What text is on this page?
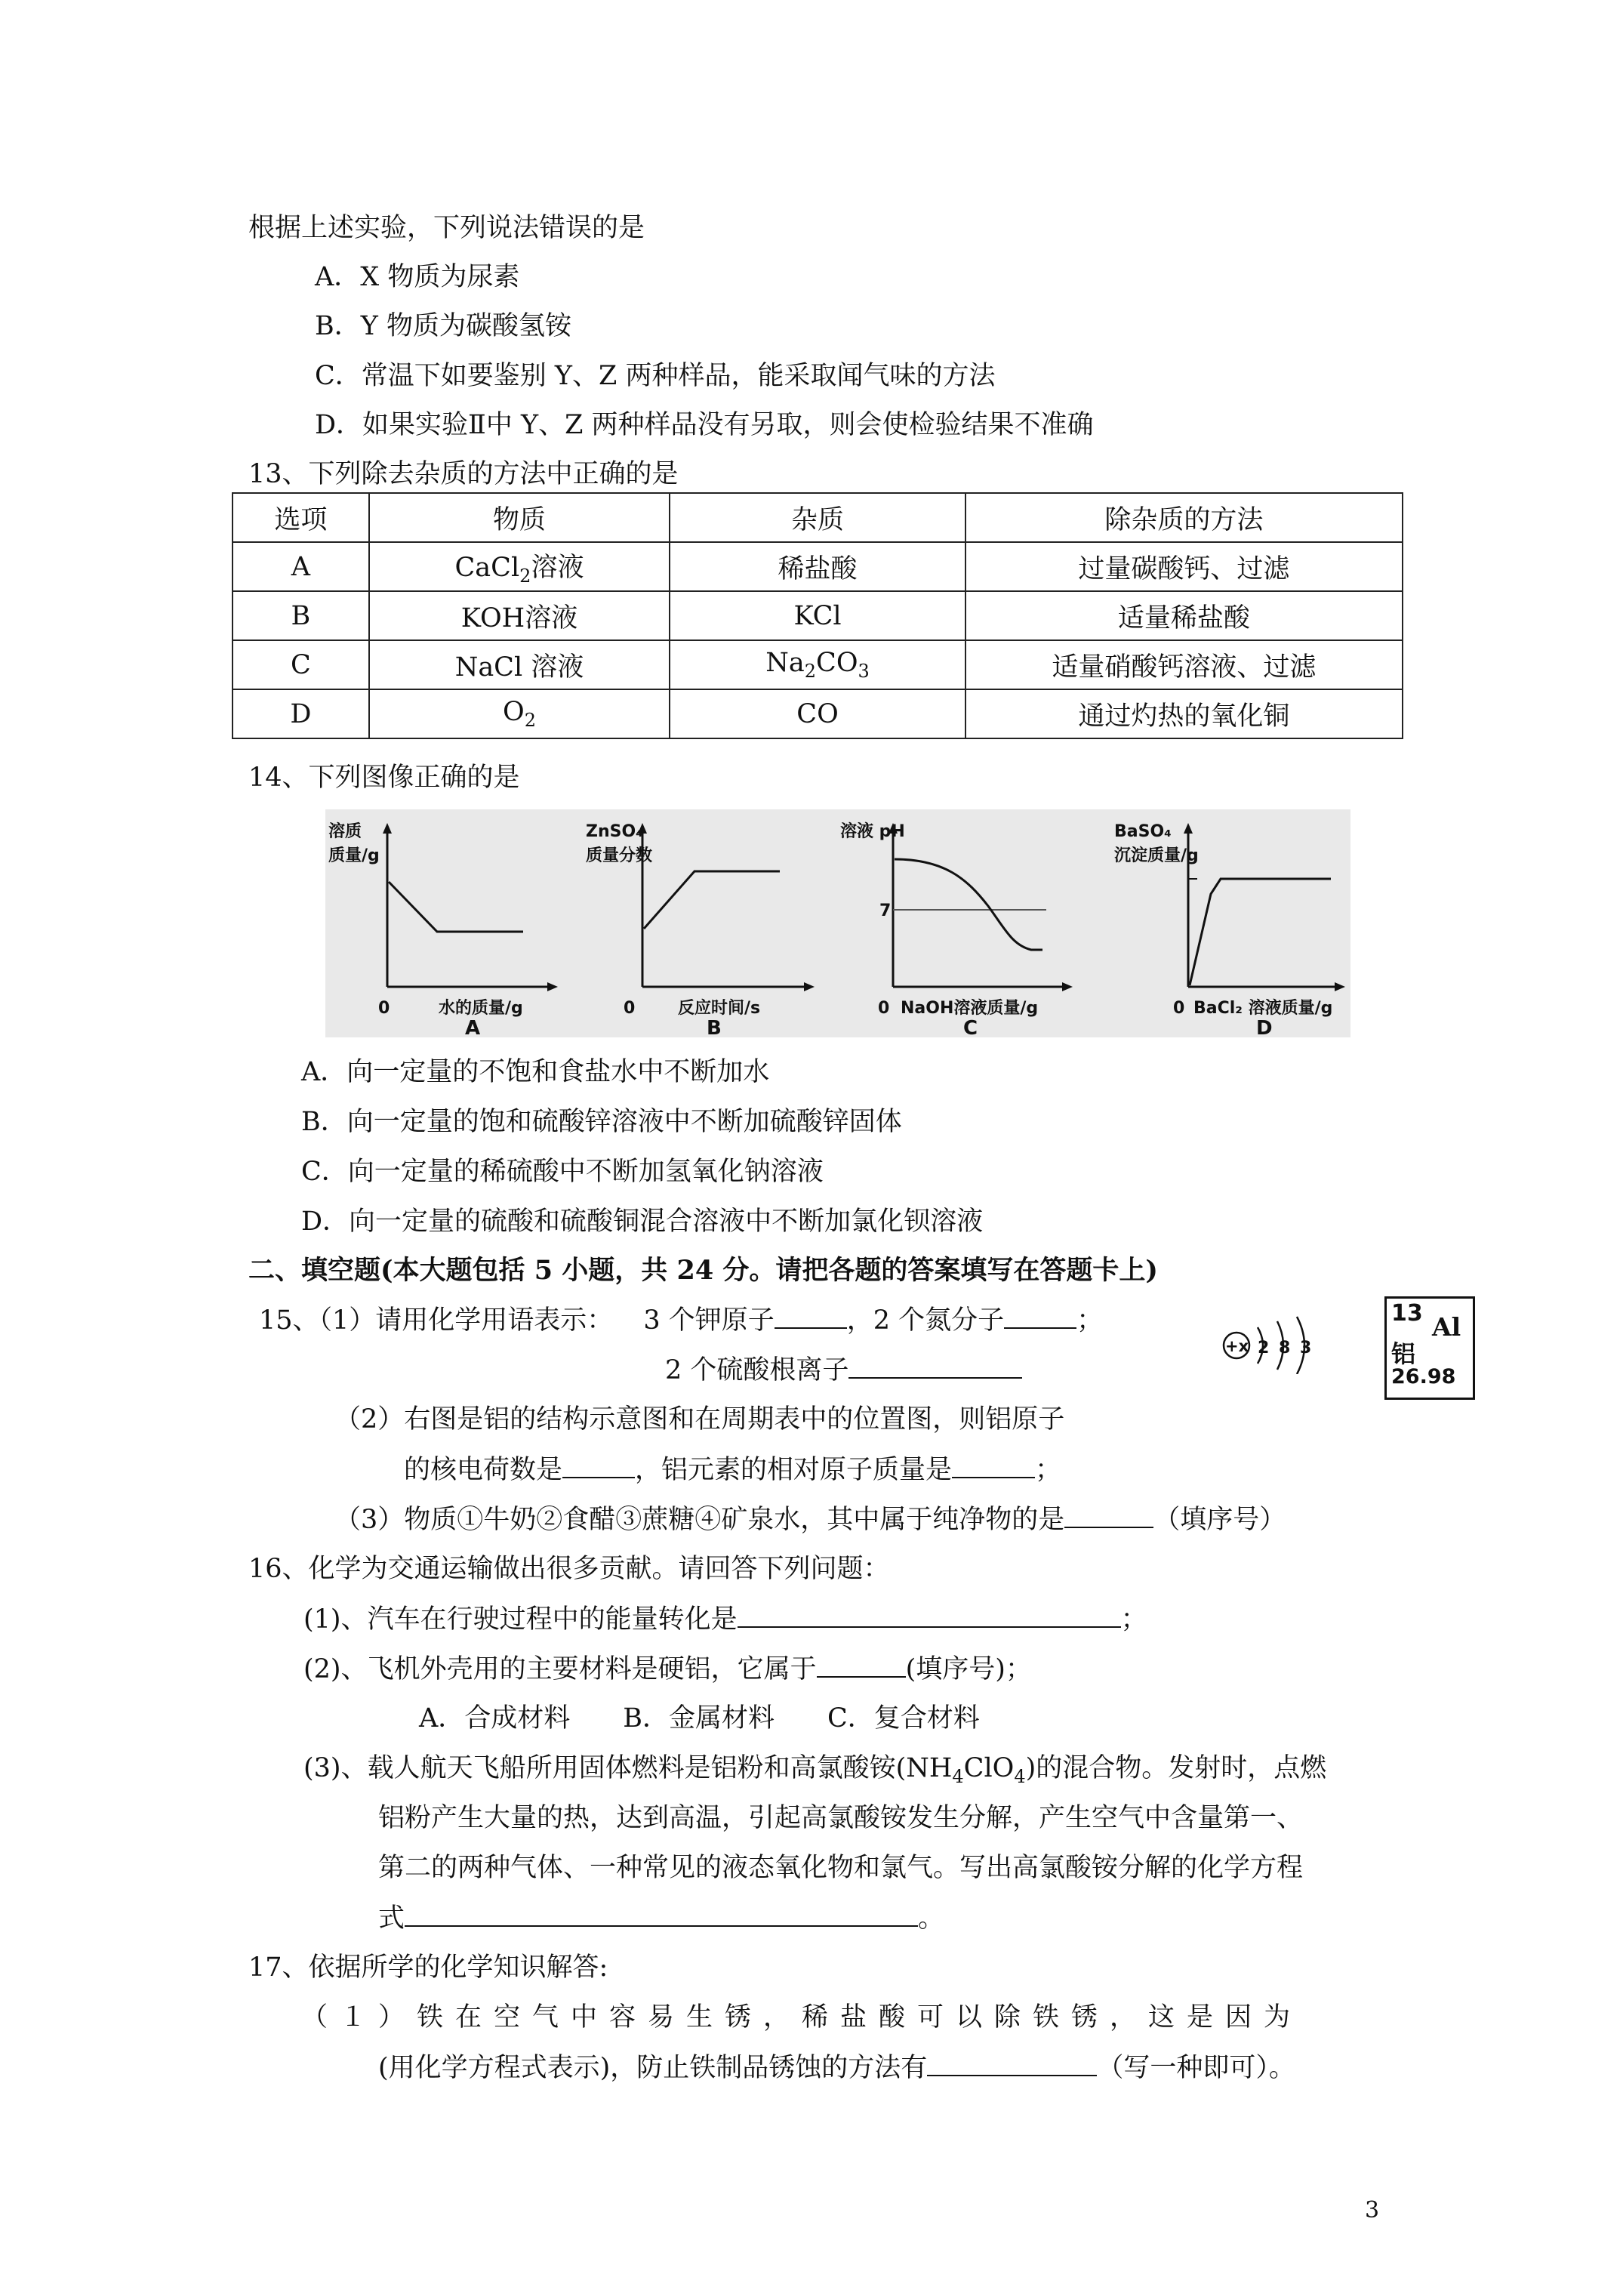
根据上述实验，下列说法错误的是
A．X 物质为尿素
B．Y 物质为碳酸氢铵
C．常温下如要鉴别 Y、Z 两种样品，能采取闻气味的方法
D．如果实验Ⅱ中 Y、Z 两种样品没有另取，则会使检验结果不准确
13、下列除去杂质的方法中正确的是
选项	物质	杂质	除杂质的方法
A	CaCl$_2$溶液	稀盐酸	过量碳酸钙、过滤
B	KOH溶液	KCl	适量稀盐酸
C	NaCl 溶液	$Na_2CO_3$	适量硝酸钙溶液、过滤
D	$O_2$	CO	通过灼热的氧化铜
14、下列图像正确的是
溶质
质量/g
0	水的质量/g
A
ZnSO₄
质量分数
0	反应时间/s
B
溶液 pH
7
0 NaOH溶液质量/g
C
BaSO₄
沉淀质量/g
0 BaCl₂ 溶液质量/g
D
A．向一定量的不饱和食盐水中不断加水
B．向一定量的饱和硫酸锌溶液中不断加硫酸锌固体
C．向一定量的稀硫酸中不断加氢氧化钠溶液
D．向一定量的硫酸和硫酸铜混合溶液中不断加氯化钡溶液
二、填空题(本大题包括 5 小题，共 24 分。请把各题的答案填写在答题卡上)
15、（1）请用化学用语表示： 3 个钾原子	，2 个氮分子	；
2 个硫酸根离子
（2）右图是铝的结构示意图和在周期表中的位置图，则铝原子
的核电荷数是	，铝元素的相对原子质量是	；
（3）物质①牛奶②食醋③蔗糖④矿泉水，其中属于纯净物的是	（填序号）
+x 2 8 3
13 Al
铝
26.98
16、化学为交通运输做出很多贡献。请回答下列问题：
(1)、汽车在行驶过程中的能量转化是	；
(2)、飞机外壳用的主要材料是硬铝，它属于	(填序号)；
A．合成材料　　B．金属材料　　C．复合材料
(3)、载人航天飞船所用固体燃料是铝粉和高氯酸铵$(NH_4ClO_4)$的混合物。发射时，点燃
铝粉产生大量的热，达到高温，引起高氯酸铵发生分解，产生空气中含量第一、
第二的两种气体、一种常见的液态氧化物和氯气。写出高氯酸铵分解的化学方程
式	。
17、依据所学的化学知识解答:
（１）铁在空气中容易生锈，稀盐酸可以除铁锈，这是因为
(用化学方程式表示)，防止铁制品锈蚀的方法有	（写一种即可）。
3
